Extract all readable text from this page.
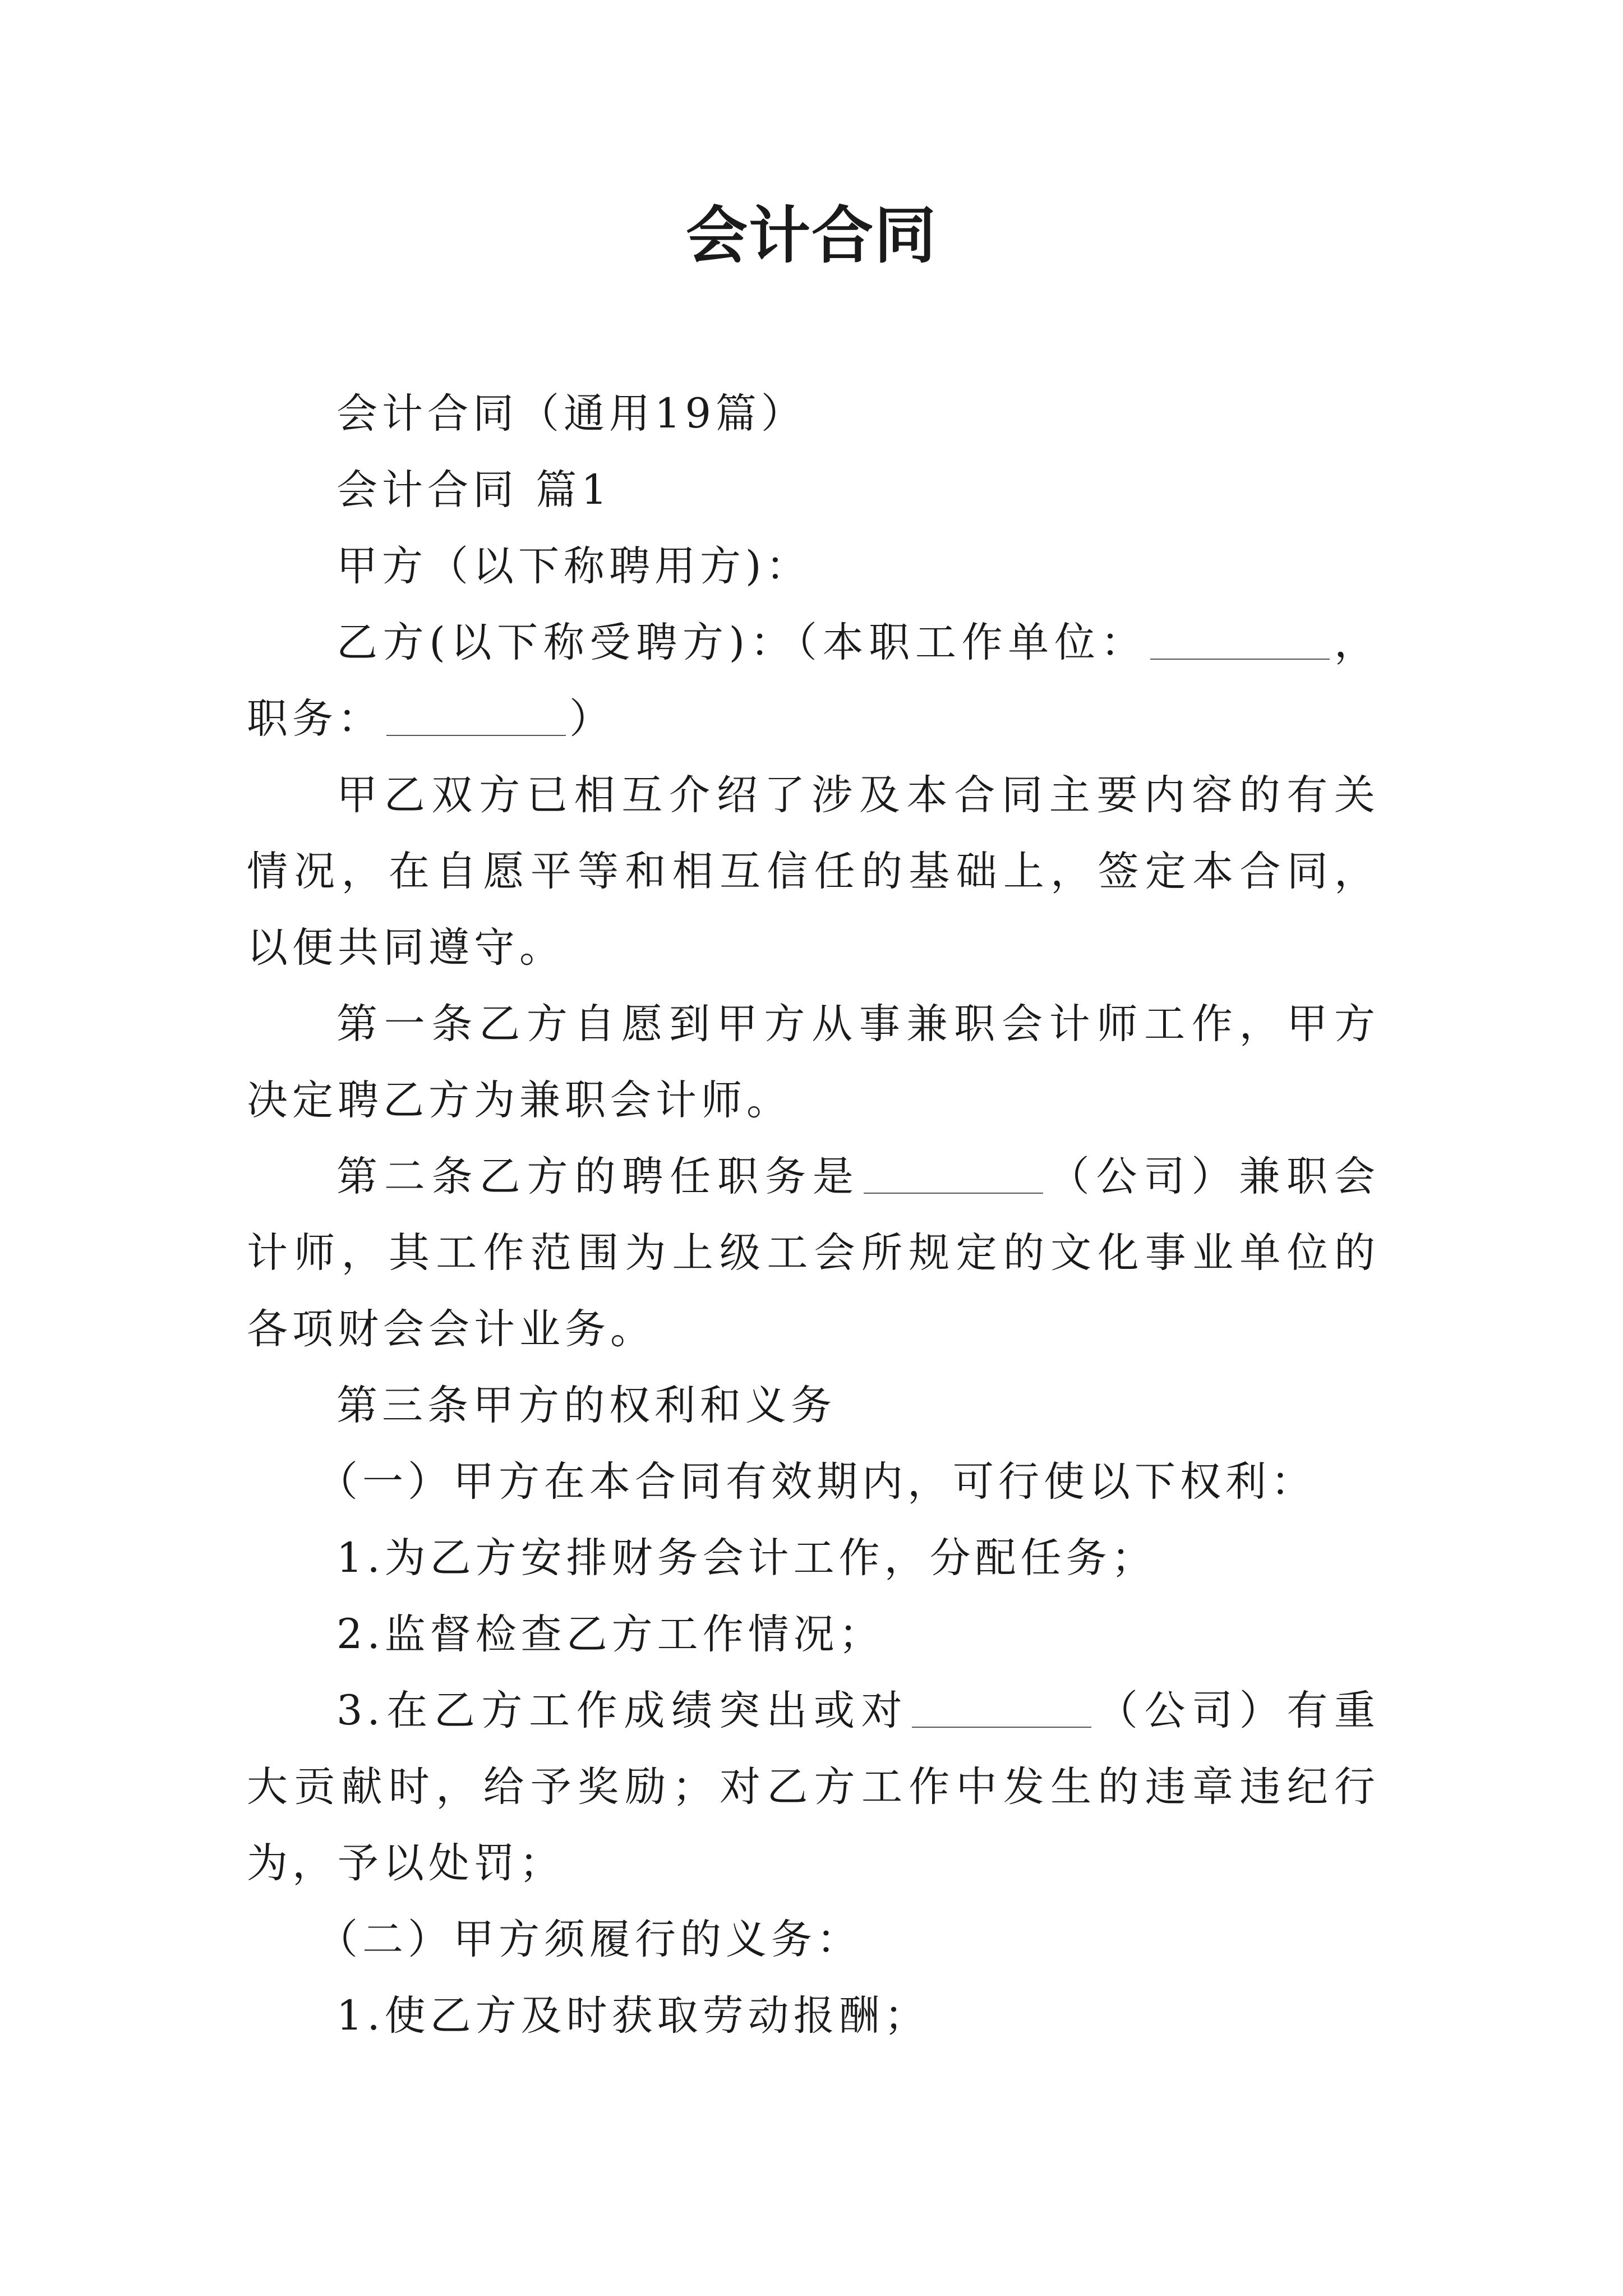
会计合同

会计合同（通用19篇）

会计合同 篇1

甲方（以下称聘用方)：

乙方(以下称受聘方)：（本职工作单位：	，职务：	）

甲乙双方已相互介绍了涉及本合同主要内容的有关情况，在自愿平等和相互信任的基础上，签定本合同，以便共同遵守。

第一条乙方自愿到甲方从事兼职会计师工作，甲方决定聘乙方为兼职会计师。

第二条乙方的聘任职务是	（公司）兼职会计师，其工作范围为上级工会所规定的文化事业单位的各项财会会计业务。

第三条甲方的权利和义务

（一）甲方在本合同有效期内，可行使以下权利：

1.为乙方安排财务会计工作，分配任务；

2.监督检查乙方工作情况；

3.在乙方工作成绩突出或对	（公司）有重大贡献时，给予奖励；对乙方工作中发生的违章违纪行为，予以处罚；

（二）甲方须履行的义务：

1.使乙方及时获取劳动报酬；
